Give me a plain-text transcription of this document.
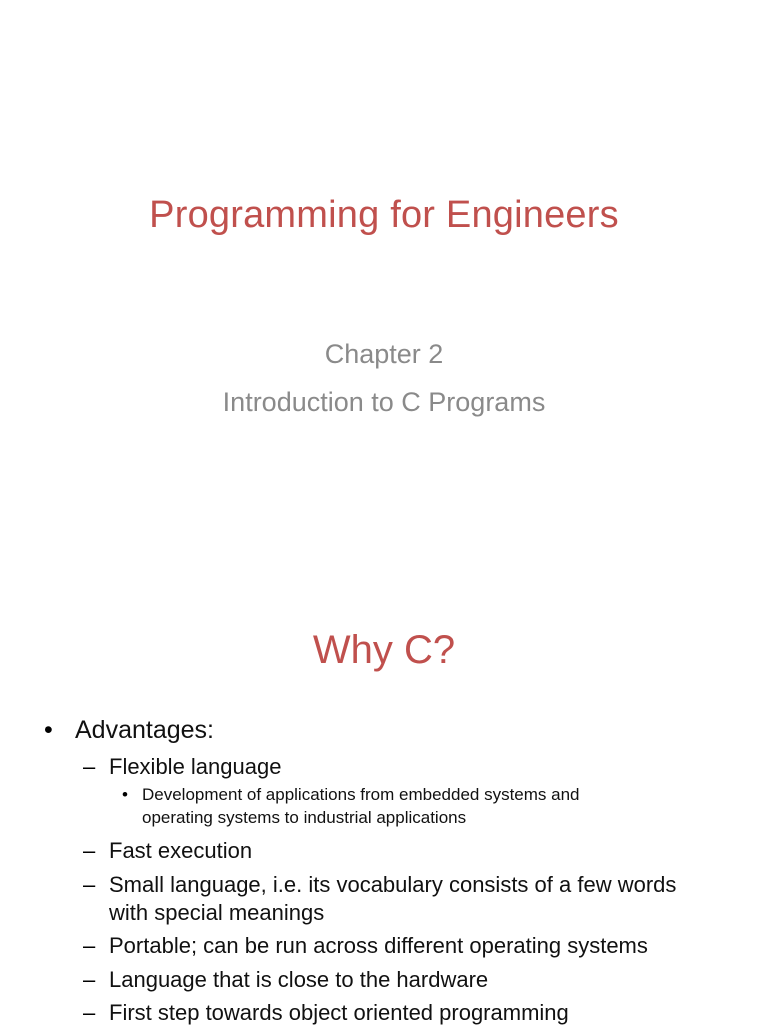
Programming for Engineers
Chapter 2
Introduction to C Programs
Why C?
• Advantages:
– Flexible language
• Development of applications from embedded systems and
operating systems to industrial applications
– Fast execution
– Small language, i.e. its vocabulary consists of a few words
with special meanings
– Portable; can be run across different operating systems
– Language that is close to the hardware
– First step towards object oriented programming
